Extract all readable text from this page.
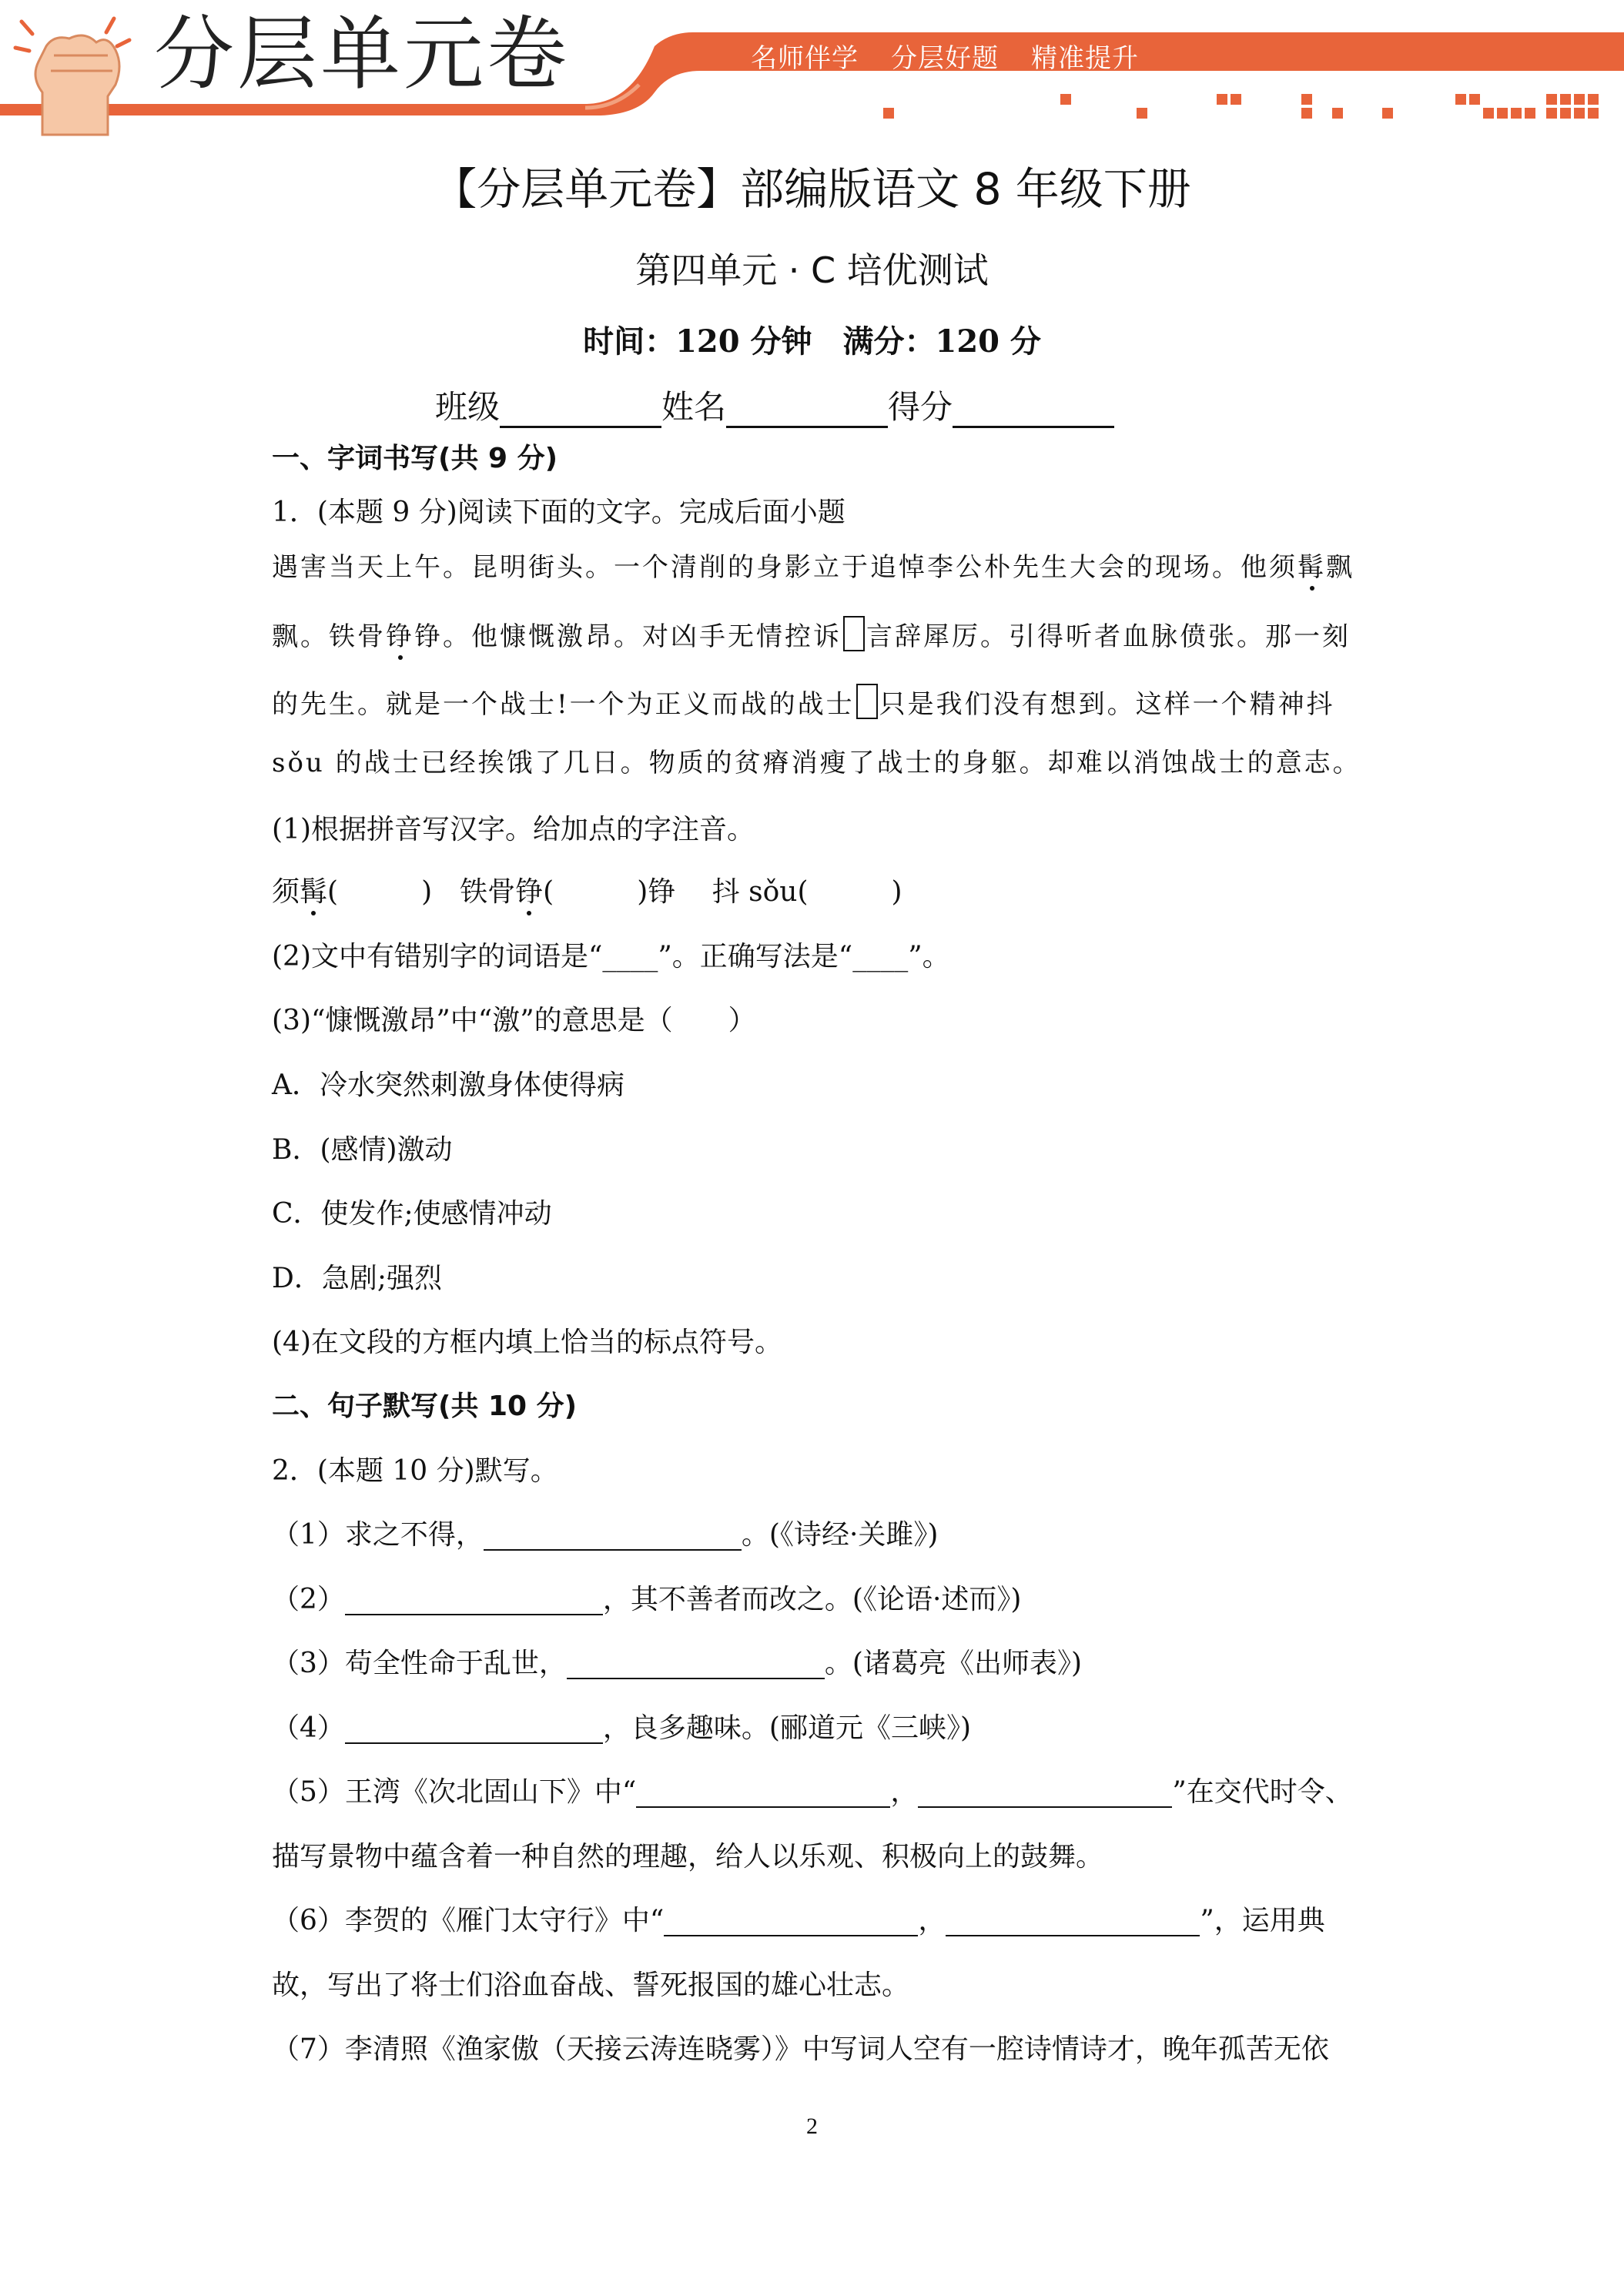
分层单元卷	名师伴学 分层好题 精准提升
【分层单元卷】部编版语文 8 年级下册
第四单元 · C 培优测试
时间：120 分钟　满分：120 分
班级	姓名	得分
一、字词书写(共 9 分)
1．(本题 9 分)阅读下面的文字。完成后面小题
遇害当天上午。昆明街头。一个清削的身影立于追悼李公朴先生大会的现场。他须髯飘
飘。铁骨铮铮。他慷慨激昂。对凶手无情控诉 言辞犀厉。引得听者血脉偾张。那一刻
的先生。就是一个战士!一个为正义而战的战士 只是我们没有想到。这样一个精神抖
sǒu 的战士已经挨饿了几日。物质的贫瘠消瘦了战士的身躯。却难以消蚀战士的意志。
(1)根据拼音写汉字。给加点的字注音。
须髯(　　　)　 铁骨铮(　　　)铮　 抖 sǒu(　　　)
(2)文中有错别字的词语是“____”。正确写法是“____”。
(3)“慷慨激昂”中“激”的意思是（　　）
A．冷水突然刺激身体使得病
B．(感情)激动
C．使发作;使感情冲动
D．急剧;强烈
(4)在文段的方框内填上恰当的标点符号。
二、句子默写(共 10 分)
2．(本题 10 分)默写。
（1）求之不得，	。(《诗经·关雎》)
（2）	，其不善者而改之。(《论语·述而》)
（3）苟全性命于乱世，	。(诸葛亮《出师表》)
（4）	，良多趣味。(郦道元《三峡》)
（5）王湾《次北固山下》中“	，	”在交代时令、
描写景物中蕴含着一种自然的理趣，给人以乐观、积极向上的鼓舞。
（6）李贺的《雁门太守行》中“	，	”，运用典
故，写出了将士们浴血奋战、誓死报国的雄心壮志。
（7）李清照《渔家傲（天接云涛连晓雾）》中写词人空有一腔诗情诗才，晚年孤苦无依
2
